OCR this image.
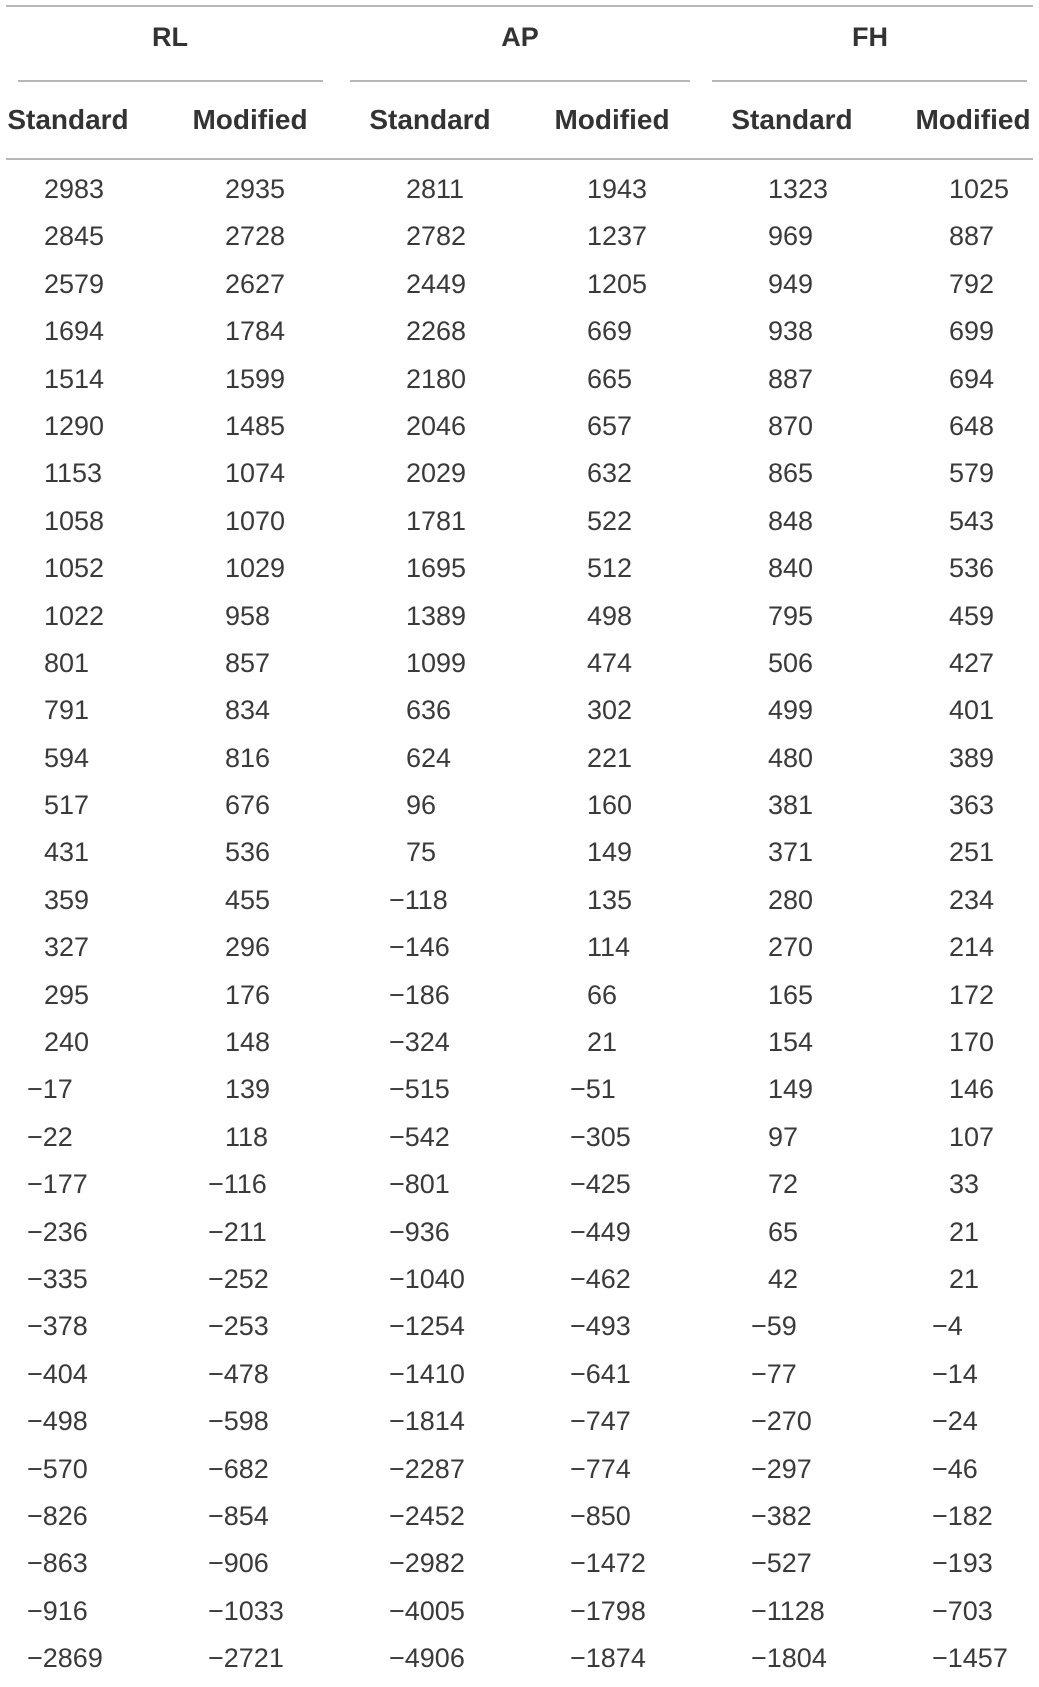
RL	AP	FH
Standard	Modified	Standard	Modified	Standard	Modified
2983	2935	2811	1943	1323	1025
2845	2728	2782	1237	969	887
2579	2627	2449	1205	949	792
1694	1784	2268	669	938	699
1514	1599	2180	665	887	694
1290	1485	2046	657	870	648
1153	1074	2029	632	865	579
1058	1070	1781	522	848	543
1052	1029	1695	512	840	536
1022	958	1389	498	795	459
801	857	1099	474	506	427
791	834	636	302	499	401
594	816	624	221	480	389
517	676	96	160	381	363
431	536	75	149	371	251
359	455	−118	135	280	234
327	296	−146	114	270	214
295	176	−186	66	165	172
240	148	−324	21	154	170
−17	139	−515	−51	149	146
−22	118	−542	−305	97	107
−177	−116	−801	−425	72	33
−236	−211	−936	−449	65	21
−335	−252	−1040	−462	42	21
−378	−253	−1254	−493	−59	−4
−404	−478	−1410	−641	−77	−14
−498	−598	−1814	−747	−270	−24
−570	−682	−2287	−774	−297	−46
−826	−854	−2452	−850	−382	−182
−863	−906	−2982	−1472	−527	−193
−916	−1033	−4005	−1798	−1128	−703
−2869	−2721	−4906	−1874	−1804	−1457
